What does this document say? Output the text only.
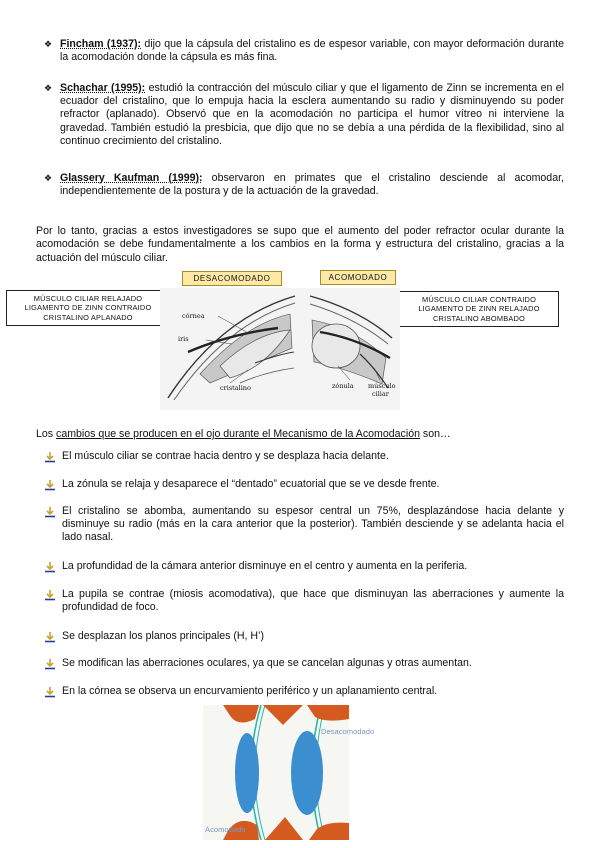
❖ Fincham (1937): dijo que la cápsula del cristalino es de espesor variable, con mayor deformación durante la acomodación donde la cápsula es más fina.
❖ Schachar (1995): estudió la contracción del músculo ciliar y que el ligamento de Zinn se incrementa en el ecuador del cristalino, que lo empuja hacia la esclera aumentando su radio y disminuyendo su poder refractor (aplanado). Observó que en la acomodación no participa el humor vítreo ni interviene la gravedad. También estudió la presbicia, que dijo que no se debía a una pérdida de la flexibilidad, sino al continuo crecimiento del cristalino.
❖ Glassery Kaufman (1999): observaron en primates que el cristalino desciende al acomodar, independientemente de la postura y de la actuación de la gravedad.
Por lo tanto, gracias a estos investigadores se supo que el aumento del poder refractor ocular durante la acomodación se debe fundamentalmente a los cambios en la forma y estructura del cristalino, gracias a la actuación del músculo ciliar.
DESACOMODADO	ACOMODADO
MÚSCULO CILIAR RELAJADO
LIGAMENTO DE ZINN CONTRAIDO
CRISTALINO APLANADO
MÚSCULO CILIAR CONTRAIDO
LIGAMENTO DE ZINN RELAJADO
CRISTALINO ABOMBADO
córnea
iris
cristalino	zónula músculo
ciliar
Los cambios que se producen en el ojo durante el Mecanismo de la Acomodación son…
El músculo ciliar se contrae hacia dentro y se desplaza hacia delante.
La zónula se relaja y desaparece el “dentado” ecuatorial que se ve desde frente.
El cristalino se abomba, aumentando su espesor central un 75%, desplazándose hacia delante y disminuye su radio (más en la cara anterior que la posterior). También desciende y se adelanta hacia el lado nasal.
La profundidad de la cámara anterior disminuye en el centro y aumenta en la periferia.
La pupila se contrae (miosis acomodativa), que hace que disminuyan las aberraciones y aumente la profundidad de foco.
Se desplazan los planos principales (H, H’)
Se modifican las aberraciones oculares, ya que se cancelan algunas y otras aumentan.
En la córnea se observa un encurvamiento periférico y un aplanamiento central.
Desacomodado
Acomodado
